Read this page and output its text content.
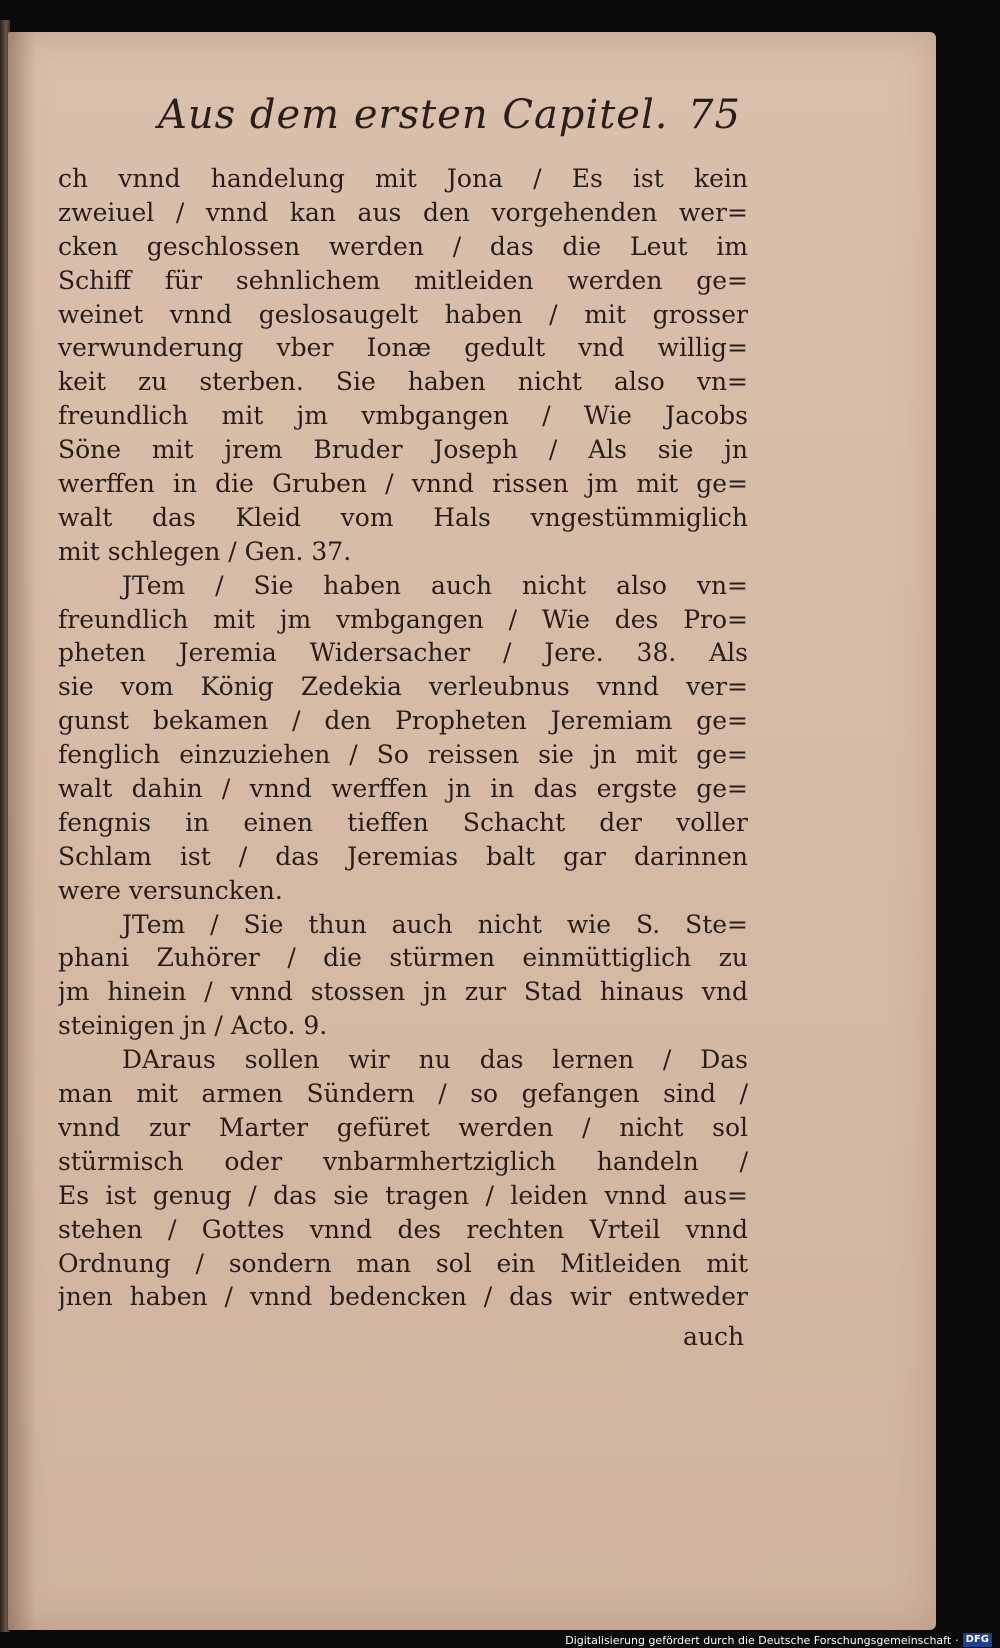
Aus dem ersten Capitel. 75
ch vnnd handelung mit Jona / Es ist kein
zweiuel / vnnd kan aus den vorgehenden wer=
cken geschlossen werden / das die Leut im
Schiff für sehnlichem mitleiden werden ge=
weinet vnnd geslosaugelt haben / mit grosser
verwunderung vber Ionæ gedult vnd willig=
keit zu sterben. Sie haben nicht also vn=
freundlich mit jm vmbgangen / Wie Jacobs
Söne mit jrem Bruder Joseph / Als sie jn
werffen in die Gruben / vnnd rissen jm mit ge=
walt das Kleid vom Hals vngestümmiglich
mit schlegen / Gen. 37.
JTem / Sie haben auch nicht also vn=
freundlich mit jm vmbgangen / Wie des Pro=
pheten Jeremia Widersacher / Jere. 38. Als
sie vom König Zedekia verleubnus vnnd ver=
gunst bekamen / den Propheten Jeremiam ge=
fenglich einzuziehen / So reissen sie jn mit ge=
walt dahin / vnnd werffen jn in das ergste ge=
fengnis in einen tieffen Schacht der voller
Schlam ist / das Jeremias balt gar darinnen
were versuncken.
JTem / Sie thun auch nicht wie S. Ste=
phani Zuhörer / die stürmen einmüttiglich zu
jm hinein / vnnd stossen jn zur Stad hinaus vnd
steinigen jn / Acto. 9.
DAraus sollen wir nu das lernen / Das
man mit armen Sündern / so gefangen sind /
vnnd zur Marter gefüret werden / nicht sol
stürmisch oder vnbarmhertziglich handeln /
Es ist genug / das sie tragen / leiden vnnd aus=
stehen / Gottes vnnd des rechten Vrteil vnnd
Ordnung / sondern man sol ein Mitleiden mit
jnen haben / vnnd bedencken / das wir entweder
auch
Digitalisierung gefördert durch die Deutsche Forschungsgemeinschaft · DFG
